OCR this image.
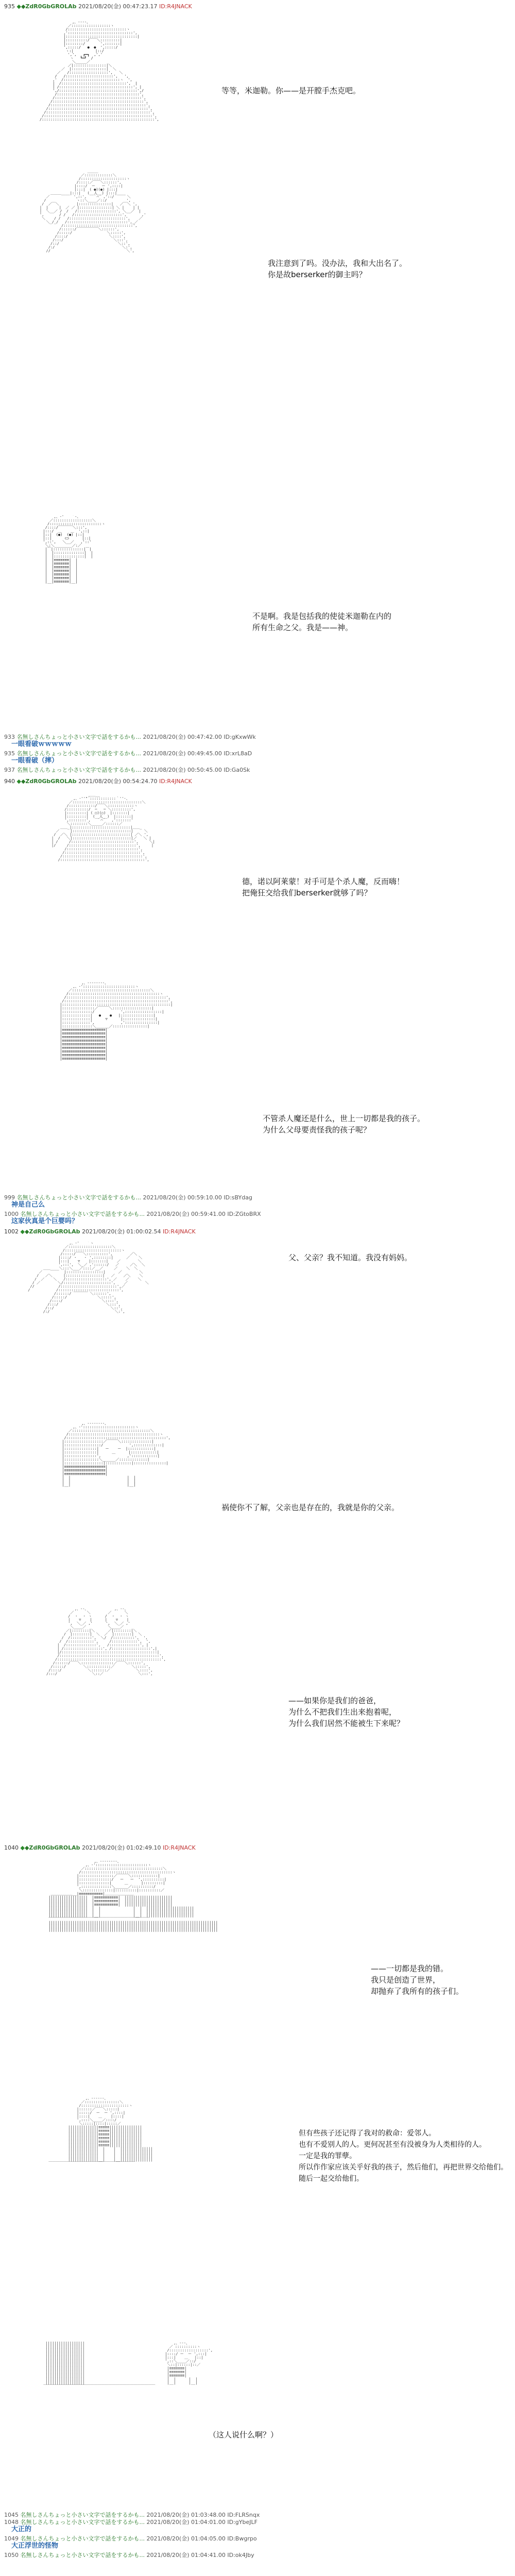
935 ◆◆ZdR0GbGROLAb 2021/08/20(金) 00:47:23.17 ID:R4JNACK
,、--‐‐、
／::::::::::::::::::ヽ
/:::::::::::::::::::::::::::ヽ
,'::::::::::::::::::::::::::::::',
|:::::::::::::::::::::::::::::::::|
|::::::::::/￣￣＼:::::::::|
|::::::::/       ',:::::::|
',:::::/   ●  ●  ',:::::/
ヽ:|          |::/
',',   ┏━┓  ,','
ヽ   ┗━┛  /
＼_____／
／|:::::::::::::::|＼
／  |::::::::::::::::|  ＼
／   /::::::::::::::::::',   ＼
/   /::::::::::::::::::::::',   ',
,'  /::::::::::::::::::::::::::ヽ  ',
|  /::::::::::::::::::::::::::::::',  |
| /::::::::::::::::::::::::::::::::::', |
',/::::::::::::::::::::::::::::::::::::',/
/::::::::::::::::::::::::::::::::::::::',
/::::::::::::::::::::::::::::::::::::::::',
/::::::::::::::::::::::::::::::::::::::::::',
/::::::::::::::::::::::::::::::::::::::::::::',
/::::::::::::::::::::::::::::::::::::::::::::::',
/::::::::::::::::::::::::::::::::::::::::::::::::',
/::::::::::::::::::::::::::::::::::::::::::::::::::',
/::::::::::::::::::::::::::::::::::::::::::::::::::::',
等等，米迦勒。你——是开膛手杰克吧。
＿＿＿
／:::::::::::::＼
/:::::::::::::::::::::ヽ
/:::::／￣￣＼::::::',
|::::/  ー   ー ',::::|
|:::|  ( ●)(●) |:::|
＿＿＿____|:::|   (__人__) |:::|____
／           ',::',   ｀⌒´ ,'::/      ＼
/              ヽ::＼____／::/         ',
/  ／￣＼        |:::::::::::::::|   ／￣＼ ',
|  |     |  ／ ／ |:::::::::::::::| ＼ |    | |
|  ＼__／ /  /   /::::::::::::::::::', ＼__／  |
',       / /   /::::::::::::::::::::::',       ,'
＼    / /   /::::::::::::::::::::::::::',    ／
＼_/_/   /::::::::::::::::::::::::::::',_／
/::::::::::::::::::::::::::::::::',
/::::::/￣￣￣￣￣￣＼::::::',
/:::::/                ＼:::::',
/::::/                   ＼::::',
/:::/                       ＼:::',
/::/                           ＼::',
/:/                               ＼:',
//                                   ＼',
我注意到了吗。没办法，我和大出名了。
你是故berserker的御主吗？
,、‐'￣￣｀‐、
／::::::::::::::::::＼
/::::::::::::::::::::::::ヽ
/::::/￣￣￣￣＼:::',
|:::/  ＿    ＿  ',::|
|::|  (●)  (●) |::|
|::|      ⊂⊃      |::|
',::',   ＼__／   ,'::'
＼:＼________／:／
|￣|::::::::::::::|￣|
|  |::::::::::::::|  |
|  |::::::::::::::|  |
|  |≡≡≡≡≡≡≡|  |
|  |≡≡≡≡≡≡≡|  |
|  |≡≡≡≡≡≡≡|  |
|  |≡≡≡≡≡≡≡|  |
|  |≡≡≡≡≡≡≡|  |
|  |≡≡≡≡≡≡≡|  |
|__|≡≡≡≡≡≡≡|__|
不是啊。我是包括我的使徒米迦勒在内的
所有生命之父。我是——神。
933 名無しさんちょっと小さい文字で話をするかも... 2021/08/20(金) 00:47:42.00 ID:gKxwWk
一眼看破ｗｗｗｗｗ
935 名無しさんちょっと小さい文字で話をするかも... 2021/08/20(金) 00:49:45.00 ID:xrL8aD
一眼看破（摔）
937 名無しさんちょっと小さい文字で話をするかも... 2021/08/20(金) 00:50:45.00 ID:Ga0Sk
940 ◆◆ZdR0GbGROLAb 2021/08/20(金) 00:54:24.70 ID:R4JNACK
＿＿__
,、‐''"´::::::::::::｀''‐、
／::::::::::::::::::::::::::::::::＼
/::::::::::::/￣￣＼::::::::::::ヽ
/::::::::::/  ─   ─ ＼:::::::::',
|:::::::::| ( ○)(○)  |:::::::|
|:::::::::|  (__人__)  |:::::::|
',::::::::',   ｀⌒´   ,':::::::'
＼::::::::＼_____／::::::／
＿＿_|:::::::::::::::::::::::::::|＿＿_
／     |:::::::::::::::::::::::::::|     ＼
/  ／＼ |:::::::::::::::::::::::::::| ／＼ ',
|  /   ＼|:::::::::::::::::::::::::::|／   ＼ |
| /     /:::::::::::::::::::::::::::::',     ＼|
|/     /:::::::::::::::::::::::::::::::',     |
/:::::::::::::::::::::::::::::::::',
/:::::::::::::::::::::::::::::::::::',
/:::::::::::::::::::::::::::::::::::::',
/:::::::::::::::::::::::::::::::::::::::',
德，诺以阿莱蒙！对手可是个杀人魔，反而嗨！
把俺狂交给我们berserker就够了吗？
,、--‐‐‐‐--、
,、‐'::::::::::::::::::::::::ヽ
／::::::::::::::::::::::::::::::::::::＼
/::::::::::::::::::::::::::::::::::::::::::ヽ
/::::::::::::::::::::::::::::::::::::::::::::::',
/::::::::::::::::::::::::::::::::::::::::::::::::',
|::::::::::::::::::::::::::::::::::::::::::::::::::|
|:::::::::::::::／￣￣￣＼::::::::::::::::::|
|::::::::::::::/            ',:::::::::::::::::|
|:::::::::::::|   ●    ●   |:::::::::::::::|
|:::::::::::::|      ▽      |:::::::::::::::|
|:::::::::::::',            ,':::::::::::::::|
|::::::::::::::＼______／::::::::::::::::|
|≡≡≡≡≡≡≡≡≡≡≡≡≡≡≡≡≡≡≡≡|
|≡≡≡≡≡≡≡≡≡≡≡≡≡≡≡≡≡≡≡≡|
|≡≡≡≡≡≡≡≡≡≡≡≡≡≡≡≡≡≡≡≡|
|≡≡≡≡≡≡≡≡≡≡≡≡≡≡≡≡≡≡≡≡|
|≡≡≡≡≡≡≡≡≡≡≡≡≡≡≡≡≡≡≡≡|
|≡≡≡≡≡≡≡≡≡≡≡≡≡≡≡≡≡≡≡≡|
|≡≡≡≡≡≡≡≡≡≡≡≡≡≡≡≡≡≡≡≡|
|≡≡≡≡≡≡≡≡≡≡≡≡≡≡≡≡≡≡≡≡|
|≡≡≡≡≡≡≡≡≡≡≡≡≡≡≡≡≡≡≡≡|
不管杀人魔还是什么，世上一切都是我的孩子。
为什么父母要责怪我的孩子呢？
999 名無しさんちょっと小さい文字で話をするかも... 2021/08/20(金) 00:59:10.00 ID:sBYdag
神是自己么
1000 名無しさんちょっと小さい文字で話をするかも... 2021/08/20(金) 00:59:41.00 ID:ZGtoBRX
这家伙真是个巨婴吗？
1002 ◆◆ZdR0GbGROLAb 2021/08/20(金) 01:00:02.54 ID:R4JNACK
,、‐'￣￣｀ヽ
／::::::::::::::::::::＼
/::::::::::::::::::::::::::ヽ
/:::::/￣￣＼::::::::::',        ／＼
|::::/ ・   ・ ',::::::::|      ／    ＼
|:::|    ▽    |:::::::|    ／        ＼
',:::',  ＼_／ ,'::::::/   ／     ／＼  ＼
＿＿____＼:::＼___／::::／__／     ／    ＼  ＼
／          |:::::::::::::::::|      ／        ＼
/   ／＼     |:::::::::::::::::|   ／    ／＼    ＼
/  ／    ＼   /:::::::::::::::::::', ／    ／    ＼
/ ／        ＼/::::::::::::::::::::::',    ／        ＼
//           /::::::::::::::::::::::::::',／
/            /::::::::::::::::::::::::::::',
/::::::/ ￣￣￣￣ ＼::::::',
/:::::/              ＼:::::',
/::::/                  ＼::::',
/:::/                      ＼:::',
/::/                          ＼::',
/:/                              ＼:',
父、父亲？我不知道。我没有妈妈。
,、--‐‐‐‐--、
,、‐'::::::::::::::::::::::::ヽ
／::::::::::::::::::::::::::::::::::::＼
/::::::::::::::::::::::::::::::::::::::::::ヽ
/::::::::::::::::::::::::::::::::::::::::::::::',
|::::::::::::::::::／￣￣￣＼::::::::::::::|
|:::::::::::::::::/            ',:::::::::::::|
|:::::::::::::::|   ー    ー  |::::::::::::|
|:::::::::::::::|      ＿      |::::::::::::|
|:::::::::::::::',            ,'::::::::::::|
|::::::::::::::::＼______／:::::::::::::|
|::::::::::::::::::|::::::::::::|:::::::::::::::|
|≡≡≡≡≡≡≡≡≡≡≡≡≡≡≡≡≡≡≡|
|≡≡≡≡≡≡≡≡≡≡≡≡≡≡≡≡≡≡≡|
|≡≡≡≡≡≡≡≡≡≡≡≡≡≡≡≡≡≡≡|
|  |                          |  |
|  |                          |  |
|__|                          |__|
祸使你不了解，父亲也是存在的，我就是你的父亲。
,、‐‐、            ,、‐‐、
／      ＼        ／      ＼
/  ・  ・ ヽ      /  ・  ・ ヽ
|    ▽    |      |    ▽    |
',  ＼_／ ,'      ',  ＼_／ ,'
＼____／          ＼____／
／|::::::::|＼      ／|::::::::|＼
/  |::::::::|  ＼  ／  |::::::::|  ＼
/  /::::::::::',  ＼/  /::::::::::',  ',
/  /::::::::::::',     /::::::::::::',  ',
|  /::::::::::::::',   /::::::::::::::', |
| /::::::::::::::::::', /::::::::::::::::::',|
|/::::::::::::::::::::::::::::::::::::::::::::|
/::::::::::::::::::::::::::::::::::::::::::::::',
/::::::::::::::::::::::::::::::::::::::::::::::::',
/::::::/￣￣＼:::::::::::::::／￣￣＼::::::',
/:::::/        ＼:::::::::::／        ＼:::::',
/::::/            ＼:::::::／            ＼::::',
/:::/                ＼::／                ＼:::',
——如果你是我们的爸爸，
为什么不把我们生出来抱着呢，
为什么我们居然不能被生下来呢？
1040 ◆◆ZdR0GbGROLAb 2021/08/20(金) 01:02:49.10 ID:R4JNACK
,、--‐‐‐‐--、
,、‐'::::::::::::::::::::::::ヽ
／::::::::::::::::::::::::::::::::::::＼
/::::::::::::::::::::::::::::::::::::::::::ヽ
|::::::::::::::::／￣￣￣＼::::::::::::|
|:::::::::::::::/   ー   ー  ',::::::::::|
|::::::::::::::|      ＿      |:::::::::|
',::::::::::::::＼______／::::::::::/
＼::::::::::::::|::::::::::|::::::::::／
＿＿＿＿＿＿__|≡≡≡≡≡≡≡≡≡≡≡|＿＿＿＿＿＿＿＿
||||||||||||||||||  |≡≡≡≡≡≡≡≡≡≡≡|  ||||||||||||||||||||||
||||||||||||||||||  |≡≡≡≡≡≡≡≡≡≡≡|  ||||||||||||||||||||||
||||||||||||||||||  |≡≡≡≡≡≡≡≡≡≡≡|  ||||||||||||||||||||||
||||||||||||||||||  |  |               |  |  ||||||||||||||||||||||
||||||||||||||||||  |  |               |  |  ||||||||||||||||||||||
||||||||||||||||||  |__|               |__|  ||||||||||||||||||||||
￣￣￣￣￣￣￣￣￣￣￣￣￣￣￣￣￣￣￣￣￣￣￣￣￣￣￣￣
||||||||||||||||||||||||||||||||||||||||||||||||||||||||||||||||||||||||||||||
||||||||||||||||||||||||||||||||||||||||||||||||||||||||||||||||||||||||||||||
||||||||||||||||||||||||||||||||||||||||||||||||||||||||||||||||||||||||||||||
——一切都是我的错。
我只是创造了世界，
却抛弃了我所有的孩子们。
,、--‐‐--、
／::::::::::::::::＼
/::::::::::::::::::::::ヽ
|::::::／￣￣＼:::::|
|:::::/  ー  ー ',::::|
|::::|    ＿    |::::|
',::::＼____／::::/
＼:::::|::::|:::::／
||||||||||||||≡≡≡≡≡|||||||||||||||
||||||||||||||≡≡≡≡≡|||||||||||||||
||||||||||||||≡≡≡≡≡|||||||||||||||
||||||||||||||≡≡≡≡≡|||||||||||||||
||||||||||||||≡≡≡≡≡|||||||||||||||
||||||||||||||≡≡≡≡≡|||||||||||||||
||||||||||||||  |    |  |||||||||||||||
||||||||||||||  |    |  |||||||||||||||
||||||||||||||  |    |  |||||||||||||||
||||||||||||||__|    |__|||||||||||||||
￣￣￣￣￣￣￣￣￣￣￣￣￣￣￣￣￣￣￣￣￣￣￣￣
但有些孩子还记得了我对的救命：爱邻人。
也有不爱别人的人。更何况甚至有没被身为人类相待的人。
一定是我的罪孽。
所以作作家应该关乎好我的孩子，然后他们，再把世界交给他们。
随后一起交给他们。
||||||||||||||||||                                         ,、‐‐‐、
||||||||||||||||||                                       ／ ::::::::::ヽ
||||||||||||||||||                                      /::::::::::::::::::',
||||||||||||||||||                                     |::::/ ー  ー ',:::|
||||||||||||||||||                                     |:::|    ＿   |::|
||||||||||||||||||                                     ',::＼____／::/
||||||||||||||||||                                      ＼::|::::::|::／
||||||||||||||||||                                      |≡≡≡≡≡≡≡|
||||||||||||||||||                                      |≡≡≡≡≡≡≡|
||||||||||||||||||                                      |≡≡≡≡≡≡≡|
||||||||||||||||||                                      |  |      |  |
||||||||||||||||||                                      |__|      |__|
￣￣￣￣￣￣￣￣￣￣￣￣￣￣￣￣￣￣￣￣￣￣￣￣￣￣￣￣￣￣￣
（这人说什么啊？）
1045 名無しさんちょっと小さい文字で話をするかも... 2021/08/20(金) 01:03:48.00 ID:FLRSnqx
1048 名無しさんちょっと小さい文字で話をするかも... 2021/08/20(金) 01:04:01.00 ID:gYbeJLF
大正的
1049 名無しさんちょっと小さい文字で話をするかも... 2021/08/20(金) 01:04:05.00 ID:Bwgrpo
大正浮世的怪物
1050 名無しさんちょっと小さい文字で話をするかも... 2021/08/20(金) 01:04:41.00 ID:ok4Jby
